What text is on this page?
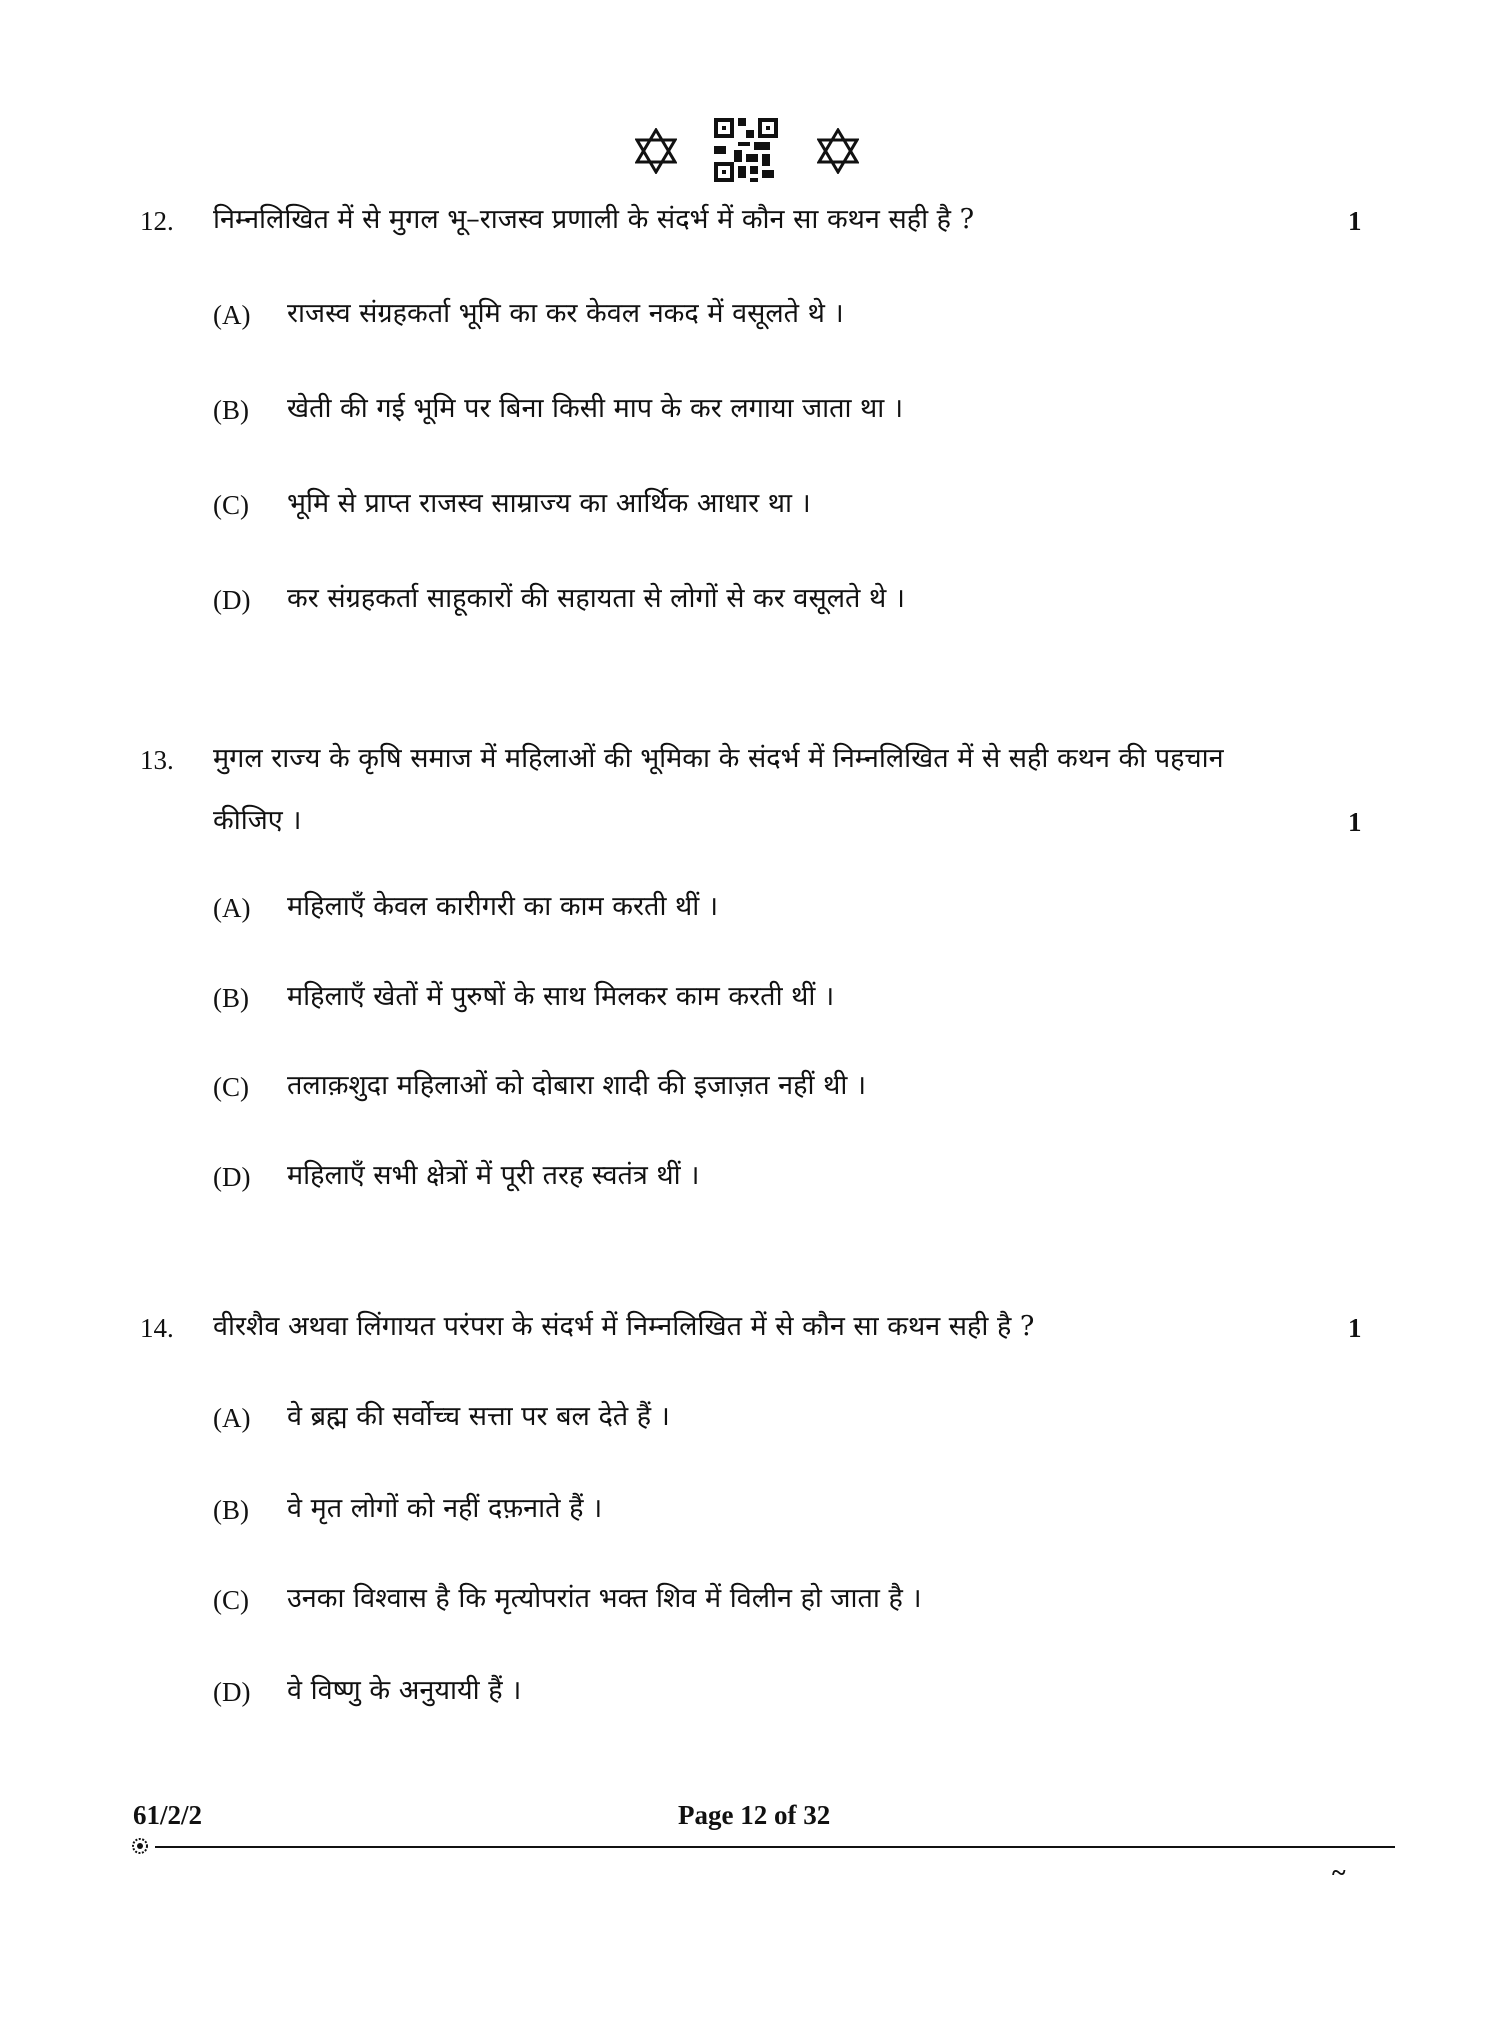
12. निम्नलिखित में से मुगल भू–राजस्व प्रणाली के संदर्भ में कौन सा कथन सही है ?	1
(A) राजस्व संग्रहकर्ता भूमि का कर केवल नकद में वसूलते थे ।
(B) खेती की गई भूमि पर बिना किसी माप के कर लगाया जाता था ।
(C) भूमि से प्राप्त राजस्व साम्राज्य का आर्थिक आधार था ।
(D) कर संग्रहकर्ता साहूकारों की सहायता से लोगों से कर वसूलते थे ।
13. मुगल राज्य के कृषि समाज में महिलाओं की भूमिका के संदर्भ में निम्नलिखित में से सही कथन की पहचान
कीजिए ।	1
(A) महिलाएँ केवल कारीगरी का काम करती थीं ।
(B) महिलाएँ खेतों में पुरुषों के साथ मिलकर काम करती थीं ।
(C) तलाक़शुदा महिलाओं को दोबारा शादी की इजाज़त नहीं थी ।
(D) महिलाएँ सभी क्षेत्रों में पूरी तरह स्वतंत्र थीं ।
14. वीरशैव अथवा लिंगायत परंपरा के संदर्भ में निम्नलिखित में से कौन सा कथन सही है ?	1
(A) वे ब्रह्म की सर्वोच्च सत्ता पर बल देते हैं ।
(B) वे मृत लोगों को नहीं दफ़नाते हैं ।
(C) उनका विश्वास है कि मृत्योपरांत भक्त शिव में विलीन हो जाता है ।
(D) वे विष्णु के अनुयायी हैं ।
61/2/2	Page 12 of 32
~
